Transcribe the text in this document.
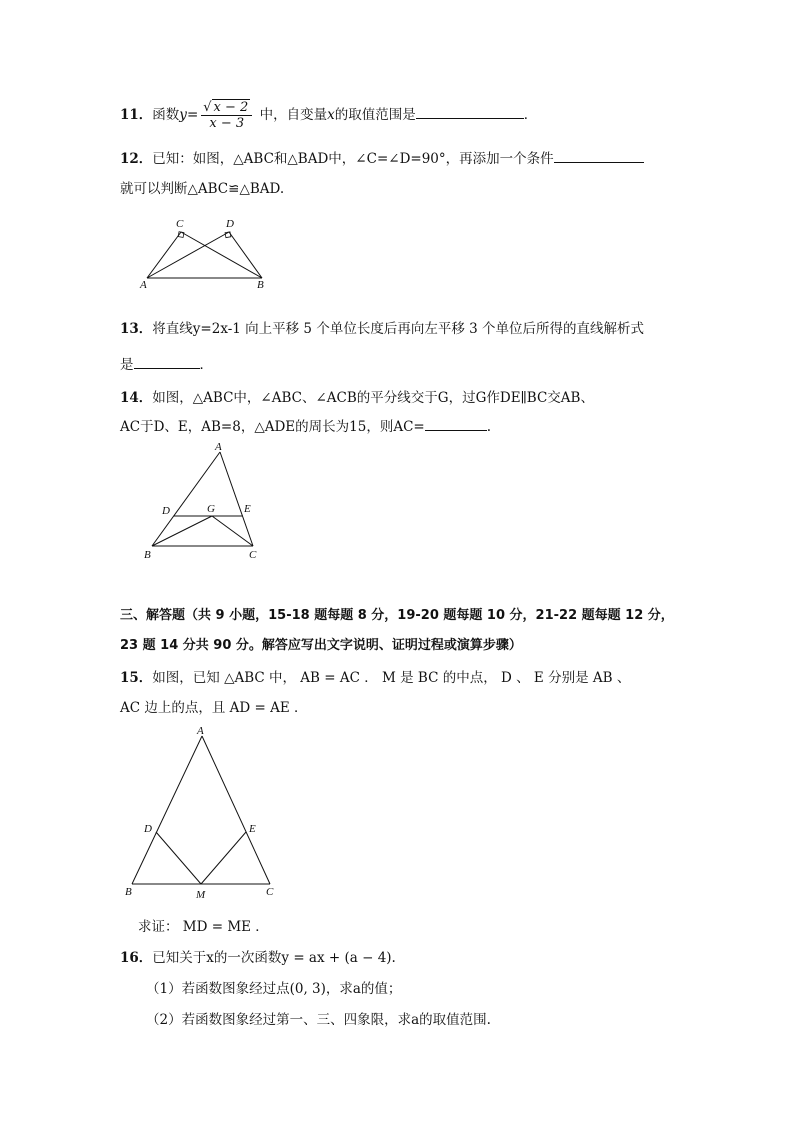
11．函数$y= \frac{√ x - 2}{x - 3}$ 中，自变量x的取值范围是	．
12．已知：如图，△ABC和△BAD中，∠C=∠D=90°，再添加一个条件
就可以判断△ABC≌△BAD.
C	D
A	B
13．将直线y=2x-1 向上平移 5 个单位长度后再向左平移 3 个单位后所得的直线解析式
是	．
14．如图，△ABC中，∠ABC、∠ACB的平分线交于G，过G作DE∥BC交AB、
AC于D、E，AB=8，△ADE的周长为15，则AC=	.
A
D	G	E
B	C
三、解答题（共 9 小题，15-18 题每题 8 分，19-20 题每题 10 分，21-22 题每题 12 分，
23 题 14 分共 90 分。解答应写出文字说明、证明过程或演算步骤）
15．如图，已知 △ABC 中， AB = AC ． M 是 BC 的中点， D 、 E 分别是 AB 、
AC 边上的点，且 AD = AE ．
A
D	E
B	M	C
求证： MD = ME ．
16．已知关于x的一次函数y = ax + (a − 4).
（1）若函数图象经过点(0, 3)，求a的值；
（2）若函数图象经过第一、三、四象限，求a的取值范围.
